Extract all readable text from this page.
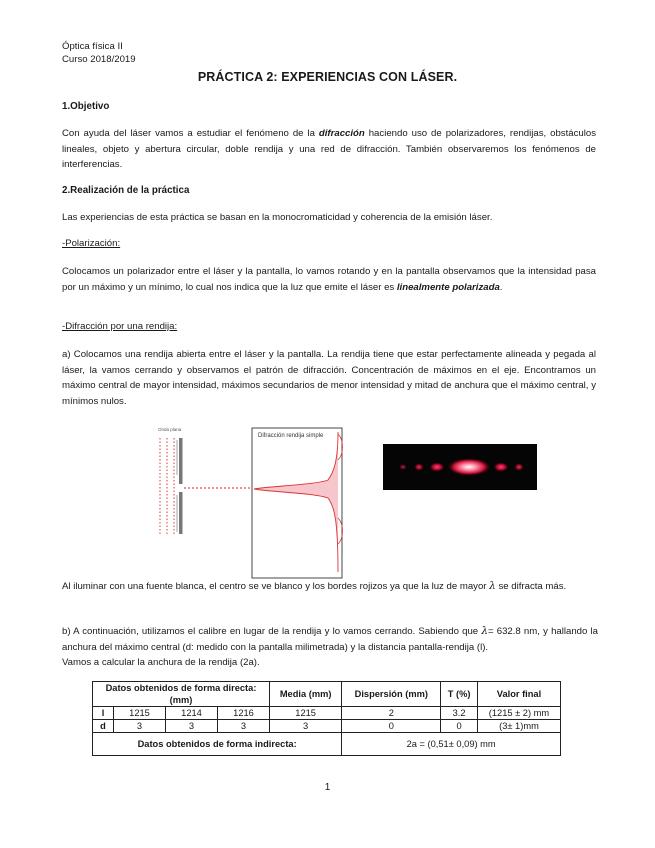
Óptica física II
Curso 2018/2019
PRÁCTICA 2: EXPERIENCIAS CON LÁSER.
1.Objetivo
Con ayuda del láser vamos a estudiar el fenómeno de la difracción haciendo uso de polarizadores, rendijas, obstáculos lineales, objeto y abertura circular, doble rendija y una red de difracción. También observaremos los fenómenos de interferencias.
2.Realización de la práctica
Las experiencias de esta práctica se basan en la monocromaticidad y coherencia de la emisión láser.
-Polarización:
Colocamos un polarizador entre el láser y la pantalla, lo vamos rotando y en la pantalla observamos que la intensidad pasa por un máximo y un mínimo, lo cual nos indica que la luz que emite el láser es linealmente polarizada.
-Difracción por una rendija:
a) Colocamos una rendija abierta entre el láser y la pantalla. La rendija tiene que estar perfectamente alineada y pegada al láser, la vamos cerrando y observamos el patrón de difracción. Concentración de máximos en el eje. Encontramos un máximo central de mayor intensidad, máximos secundarios de menor intensidad y mitad de anchura que el máximo central, y mínimos nulos.
Onda plana
Difracción rendija simple
Al iluminar con una fuente blanca, el centro se ve blanco y los bordes rojizos ya que la luz de mayor λ se difracta más.
b) A continuación, utilizamos el calibre en lugar de la rendija y lo vamos cerrando. Sabiendo que λ= 632.8 nm, y hallando la anchura del máximo central (d: medido con la pantalla milimetrada) y la distancia pantalla-rendija (l).
Vamos a calcular la anchura de la rendija (2a).
Datos obtenidos de forma directa: (mm)				Media (mm)	Dispersión (mm)	T (%)	Valor final
l	1215	1214	1216	1215	2	3.2	(1215 ± 2) mm
d	3	3	3	3	0	0	(3± 1)mm
Datos obtenidos de forma indirecta:					2a = (0,51± 0,09) mm		
1
